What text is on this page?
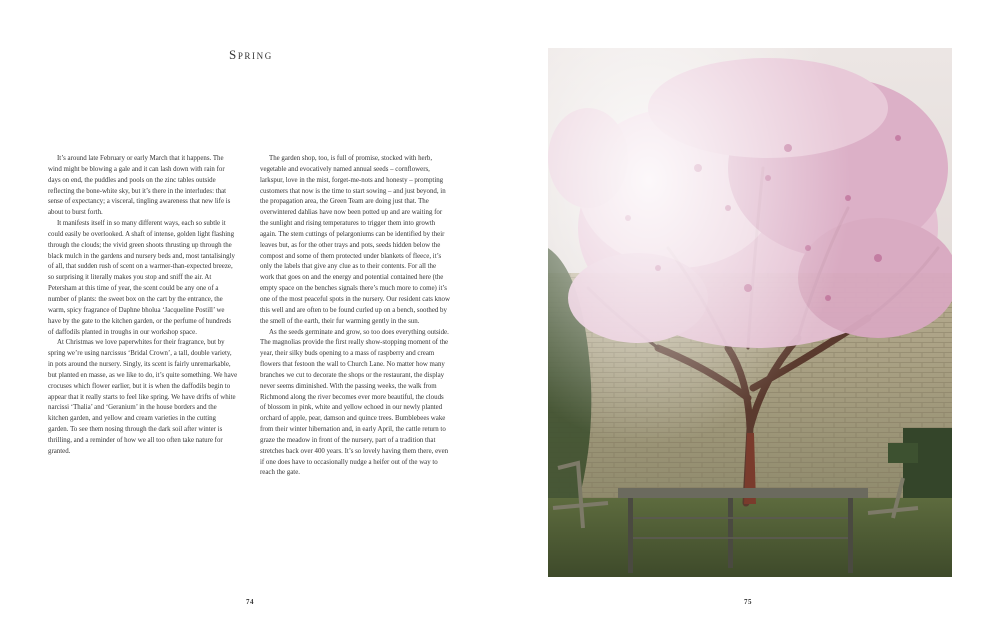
Spring

It’s around late February or early March that it happens. The wind might be blowing a gale and it can lash down with rain for days on end, the puddles and pools on the zinc tables outside reflecting the bone-white sky, but it’s there in the interludes: that sense of expectancy; a visceral, tingling awareness that new life is about to burst forth.

It manifests itself in so many different ways, each so subtle it could easily be overlooked. A shaft of intense, golden light flashing through the clouds; the vivid green shoots thrusting up through the black mulch in the gardens and nursery beds and, most tantalisingly of all, that sudden rush of scent on a warmer-than-expected breeze, so surprising it literally makes you stop and sniff the air. At Petersham at this time of year, the scent could be any one of a number of plants: the sweet box on the cart by the entrance, the warm, spicy fragrance of Daphne bholua ‘Jacqueline Postill’ we have by the gate to the kitchen garden, or the perfume of hundreds of daffodils planted in troughs in our workshop space.

At Christmas we love paperwhites for their fragrance, but by spring we’re using narcissus ‘Bridal Crown’, a tall, double variety, in pots around the nursery. Singly, its scent is fairly unremarkable, but planted en masse, as we like to do, it’s quite something. We have crocuses which flower earlier, but it is when the daffodils begin to appear that it really starts to feel like spring. We have drifts of white narcissi ‘Thalia’ and ‘Geranium’ in the house borders and the kitchen garden, and yellow and cream varieties in the cutting garden. To see them nosing through the dark soil after winter is thrilling, and a reminder of how we all too often take nature for granted.

The garden shop, too, is full of promise, stocked with herb, vegetable and evocatively named annual seeds – cornflowers, larkspur, love in the mist, forget-me-nots and honesty – prompting customers that now is the time to start sowing – and just beyond, in the propagation area, the Green Team are doing just that. The overwintered dahlias have now been potted up and are waiting for the sunlight and rising temperatures to trigger them into growth again. The stem cuttings of pelargoniums can be identified by their leaves but, as for the other trays and pots, seeds hidden below the compost and some of them protected under blankets of fleece, it’s only the labels that give any clue as to their contents. For all the work that goes on and the energy and potential contained here (the empty space on the benches signals there’s much more to come) it’s one of the most peaceful spots in the nursery. Our resident cats know this well and are often to be found curled up on a bench, soothed by the smell of the earth, their fur warming gently in the sun.

As the seeds germinate and grow, so too does everything outside. The magnolias provide the first really show-stopping moment of the year, their silky buds opening to a mass of raspberry and cream flowers that festoon the wall to Church Lane. No matter how many branches we cut to decorate the shops or the restaurant, the display never seems diminished. With the passing weeks, the walk from Richmond along the river becomes ever more beautiful, the clouds of blossom in pink, white and yellow echoed in our newly planted orchard of apple, pear, damson and quince trees. Bumblebees wake from their winter hibernation and, in early April, the cattle return to graze the meadow in front of the nursery, part of a tradition that stretches back over 400 years. It’s so lovely having them there, even if one does have to occasionally nudge a heifer out of the way to reach the gate.

74	75
